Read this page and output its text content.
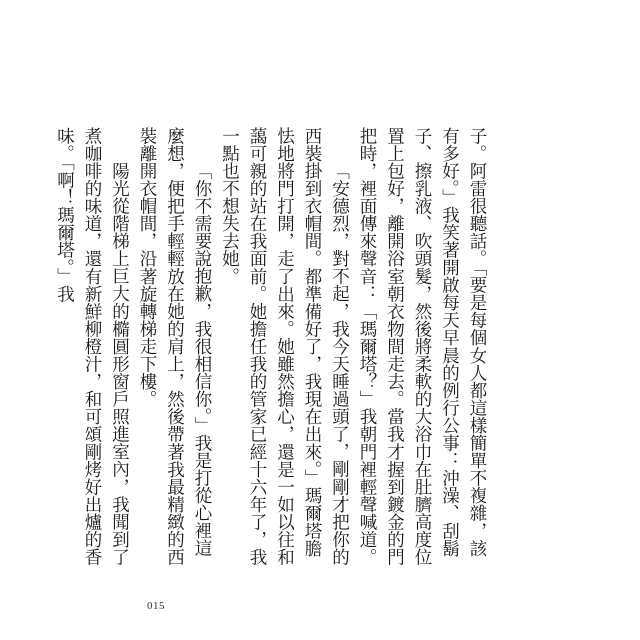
子。阿雷很聽話。「要是每個女人都這樣簡單不複雜，該有多好。」我笑著開啟每天早晨的例行公事：沖澡、刮鬍子、擦乳液、吹頭髮，然後將柔軟的大浴巾在肚臍高度位置上包好，離開浴室朝衣物間走去。當我才握到鍍金的門把時，裡面傳來聲音：「瑪爾塔？」我朝門裡輕聲喊道。

「安德烈，對不起，我今天睡過頭了，剛剛才把你的西裝掛到衣帽間。都準備好了，我現在出來。」瑪爾塔膽怯地將門打開，走了出來。她雖然擔心，還是一如以往和藹可親的站在我面前。她擔任我的管家已經十六年了，我一點也不想失去她。

「你不需要說抱歉，我很相信你。」我是打從心裡這麼想，便把手輕輕放在她的肩上，然後帶著我最精緻的西裝離開衣帽間，沿著旋轉梯走下樓。

陽光從階梯上巨大的橢圓形窗戶照進室內，我聞到了煮咖啡的味道，還有新鮮柳橙汁，和可頌剛烤好出爐的香味。「啊！瑪爾塔。」我

015
